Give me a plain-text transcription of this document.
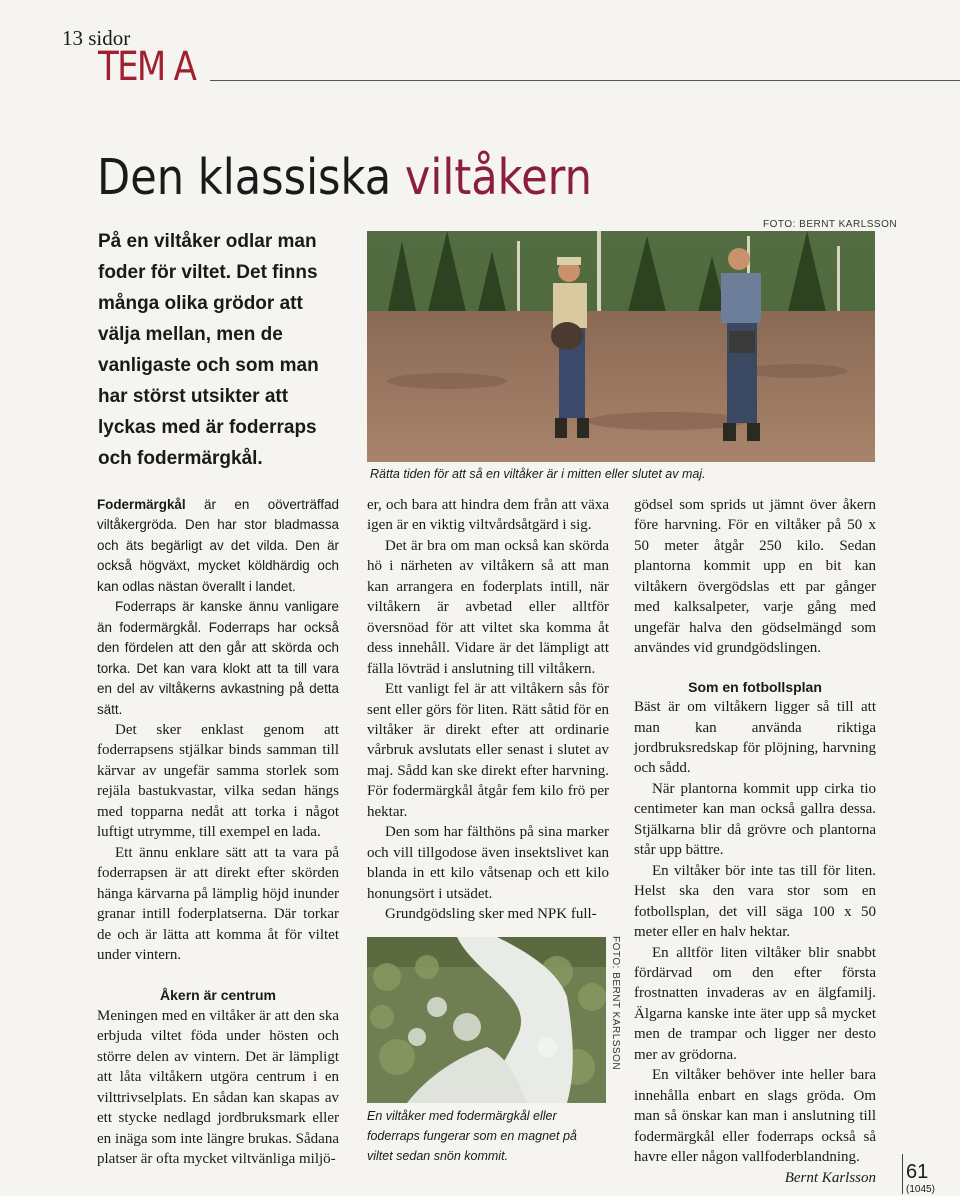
13 sidor
TEM A
Den klassiska viltåkern

På en viltåker odlar man

foder för viltet. Det finns

många olika grödor att

välja mellan, men de

vanligaste och som man

har störst utsikter att

lyckas med är foderraps

och fodermärgkål.

FOTO: BERNT KARLSSON
Rätta tiden för att så en viltåker är i mitten eller slutet av maj.

Fodermärgkål är en oöverträffad viltåkergröda. Den har stor bladmassa och äts begärligt av det vilda. Den är också högväxt, mycket köldhärdig och kan odlas nästan överallt i landet.

Foderraps är kanske ännu vanligare än fodermärgkål. Foderraps har också den fördelen att den går att skörda och torka. Det kan vara klokt att ta till vara en del av viltåkerns avkastning på detta sätt.

Det sker enklast genom att foderrapsens stjälkar binds samman till kärvar av ungefär samma storlek som rejäla bastukvastar, vilka sedan hängs med topparna nedåt att torka i något luftigt utrymme, till exempel en lada.

Ett ännu enklare sätt att ta vara på foderrapsen är att direkt efter skörden hänga kärvarna på lämplig höjd inunder granar intill foderplatserna. Där torkar de och är lätta att komma åt för viltet under vintern.

Åkern är centrum

Meningen med en viltåker är att den ska erbjuda viltet föda under hösten och större delen av vintern. Det är lämpligt att låta viltåkern utgöra centrum i en vilttrivselplats. En sådan kan skapas av ett stycke nedlagd jordbruksmark eller en inäga som inte längre brukas. Sådana platser är ofta mycket viltvänliga miljö-

er, och bara att hindra dem från att växa igen är en viktig viltvårdsåtgärd i sig.

Det är bra om man också kan skörda hö i närheten av viltåkern så att man kan arrangera en foderplats intill, när viltåkern är avbetad eller alltför översnöad för att viltet ska komma åt dess innehåll. Vidare är det lämpligt att fälla lövträd i anslutning till viltåkern.

Ett vanligt fel är att viltåkern sås för sent eller görs för liten. Rätt såtid för en viltåker är direkt efter att ordinarie vårbruk avslutats eller senast i slutet av maj. Sådd kan ske direkt efter harvning. För fodermärgkål åtgår fem kilo frö per hektar.

Den som har fälthöns på sina marker och vill tillgodose även insektslivet kan blanda in ett kilo våtsenap och ett kilo honungsört i utsädet.

Grundgödsling sker med NPK full-

FOTO: BERNT KARLSSON

En viltåker med fodermärgkål eller

foderraps fungerar som en magnet på

viltet sedan snön kommit.

gödsel som sprids ut jämnt över åkern före harvning. För en viltåker på 50 x 50 meter åtgår 250 kilo. Sedan plantorna kommit upp en bit kan viltåkern övergödslas ett par gånger med kalksalpeter, varje gång med ungefär halva den gödselmängd som användes vid grundgödslingen.

Som en fotbollsplan

Bäst är om viltåkern ligger så till att man kan använda riktiga jordbruksredskap för plöjning, harvning och sådd.

När plantorna kommit upp cirka tio centimeter kan man också gallra dessa. Stjälkarna blir då grövre och plantorna står upp bättre.

En viltåker bör inte tas till för liten. Helst ska den vara stor som en fotbollsplan, det vill säga 100 x 50 meter eller en halv hektar.

En alltför liten viltåker blir snabbt fördärvad om den efter första frostnatten invaderas av en älgfamilj. Älgarna kanske inte äter upp så mycket men de trampar och ligger ner desto mer av grödorna.

En viltåker behöver inte heller bara innehålla enbart en slags gröda. Om man så önskar kan man i anslutning till fodermärgkål eller foderraps också så havre eller någon vallfoderblandning.

Bernt Karlsson 61
(1045)
